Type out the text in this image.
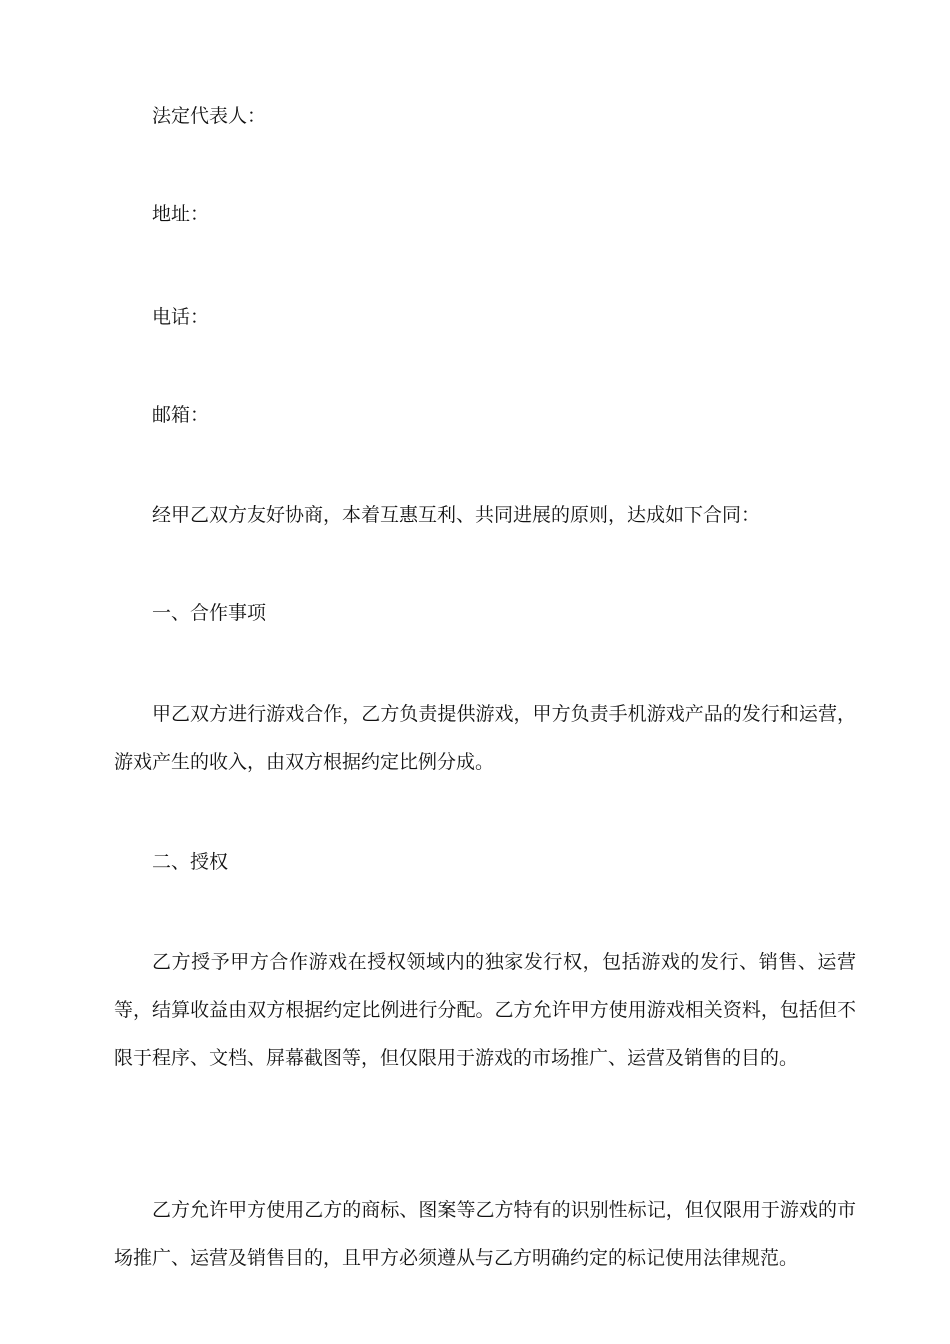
法定代表人：
地址：
电话：
邮箱：
经甲乙双方友好协商，本着互惠互利、共同进展的原则，达成如下合同：
一、合作事项

甲乙双方进行游戏合作，乙方负责提供游戏，甲方负责手机游戏产品的发行和运营，游戏产生的收入，由双方根据约定比例分成。

二、授权

乙方授予甲方合作游戏在授权领域内的独家发行权，包括游戏的发行、销售、运营等，结算收益由双方根据约定比例进行分配。乙方允许甲方使用游戏相关资料，包括但不限于程序、文档、屏幕截图等，但仅限用于游戏的市场推广、运营及销售的目的。

乙方允许甲方使用乙方的商标、图案等乙方特有的识别性标记，但仅限用于游戏的市场推广、运营及销售目的，且甲方必须遵从与乙方明确约定的标记使用法律规范。
